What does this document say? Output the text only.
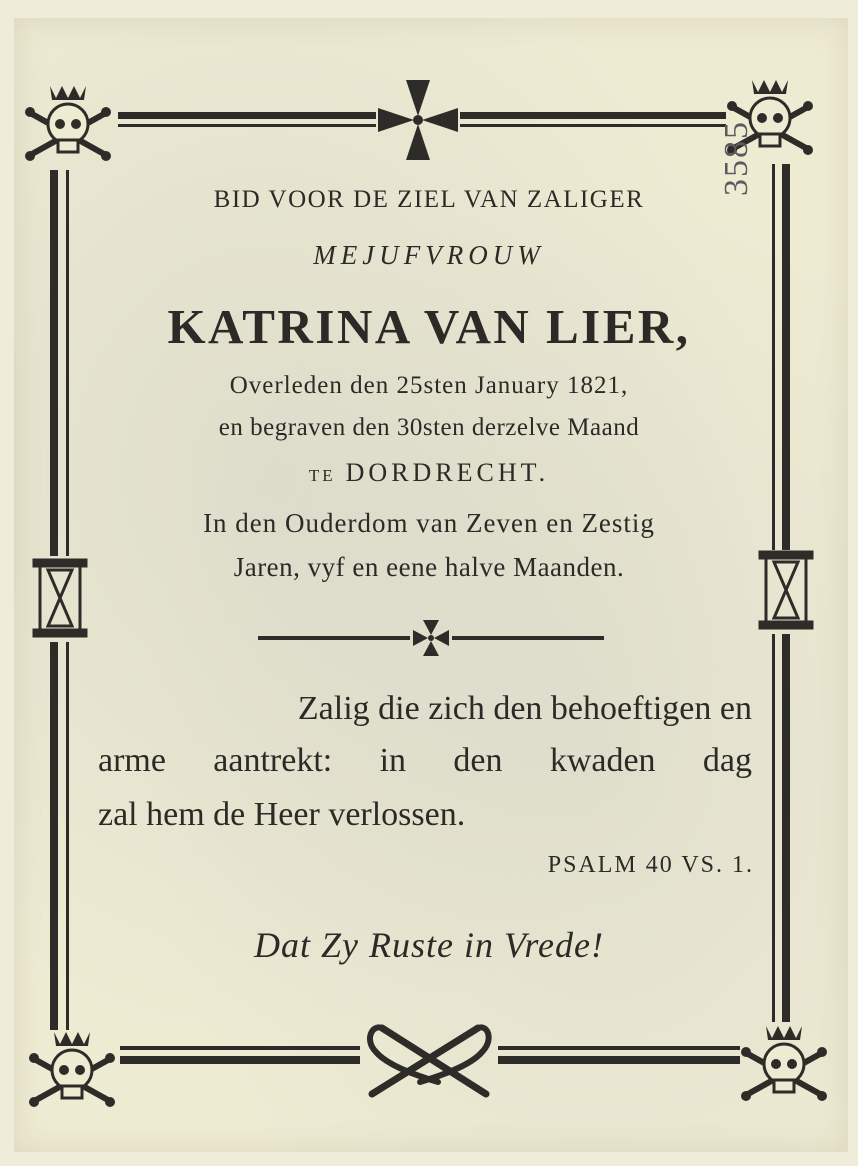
BID VOOR DE ZIEL VAN ZALIGER
MEJUFVROUW
KATRINA VAN LIER,
Overleden den 25sten January 1821,
en begraven den 30sten derzelve Maand
TE DORDRECHT.
In den Ouderdom van Zeven en Zestig
Jaren, vyf en eene halve Maanden.
Zalig die zich den behoeftigen en
arme aantrekt: in den kwaden dag
zal hem de Heer verlossen.
PSALM 40 VS. 1.
Dat Zy Ruste in Vrede!
3585
